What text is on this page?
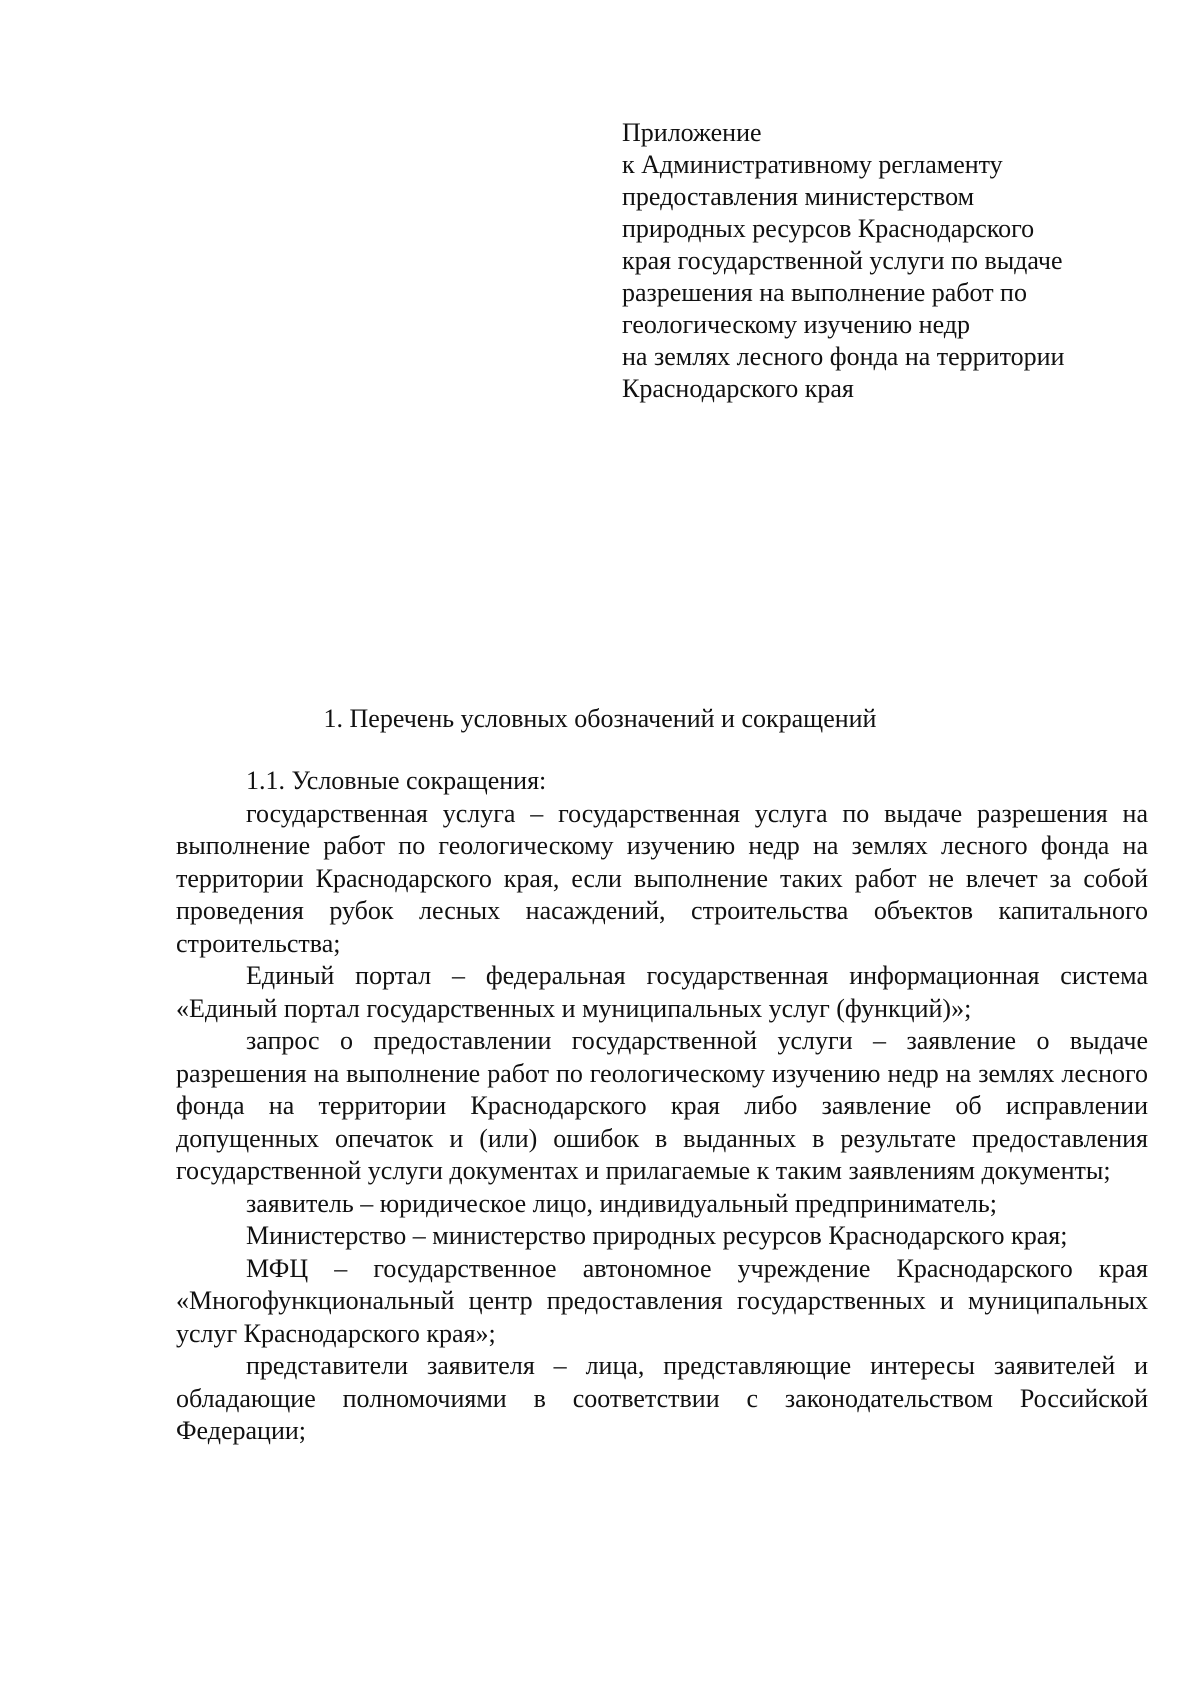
Приложение
к Административному регламенту
предоставления министерством
природных ресурсов Краснодарского
края государственной услуги по выдаче
разрешения на выполнение работ по
геологическому изучению недр
на землях лесного фонда на территории
Краснодарского края
1. Перечень условных обозначений и сокращений

1.1. Условные сокращения:

государственная услуга – государственная услуга по выдаче разрешения на выполнение работ по геологическому изучению недр на землях лесного фонда на территории Краснодарского края, если выполнение таких работ не влечет за собой проведения рубок лесных насаждений, строительства объектов капитального строительства;

Единый портал – федеральная государственная информационная система «Единый портал государственных и муниципальных услуг (функций)»;

запрос о предоставлении государственной услуги – заявление о выдаче разрешения на выполнение работ по геологическому изучению недр на землях лесного фонда на территории Краснодарского края либо заявление об исправлении допущенных опечаток и (или) ошибок в выданных в результате предоставления государственной услуги документах и прилагаемые к таким заявлениям документы;

заявитель – юридическое лицо, индивидуальный предприниматель;

Министерство – министерство природных ресурсов Краснодарского края;

МФЦ – государственное автономное учреждение Краснодарского края «Многофункциональный центр предоставления государственных и муниципальных услуг Краснодарского края»;

представители заявителя – лица, представляющие интересы заявителей и обладающие полномочиями в соответствии с законодательством Российской Федерации;
